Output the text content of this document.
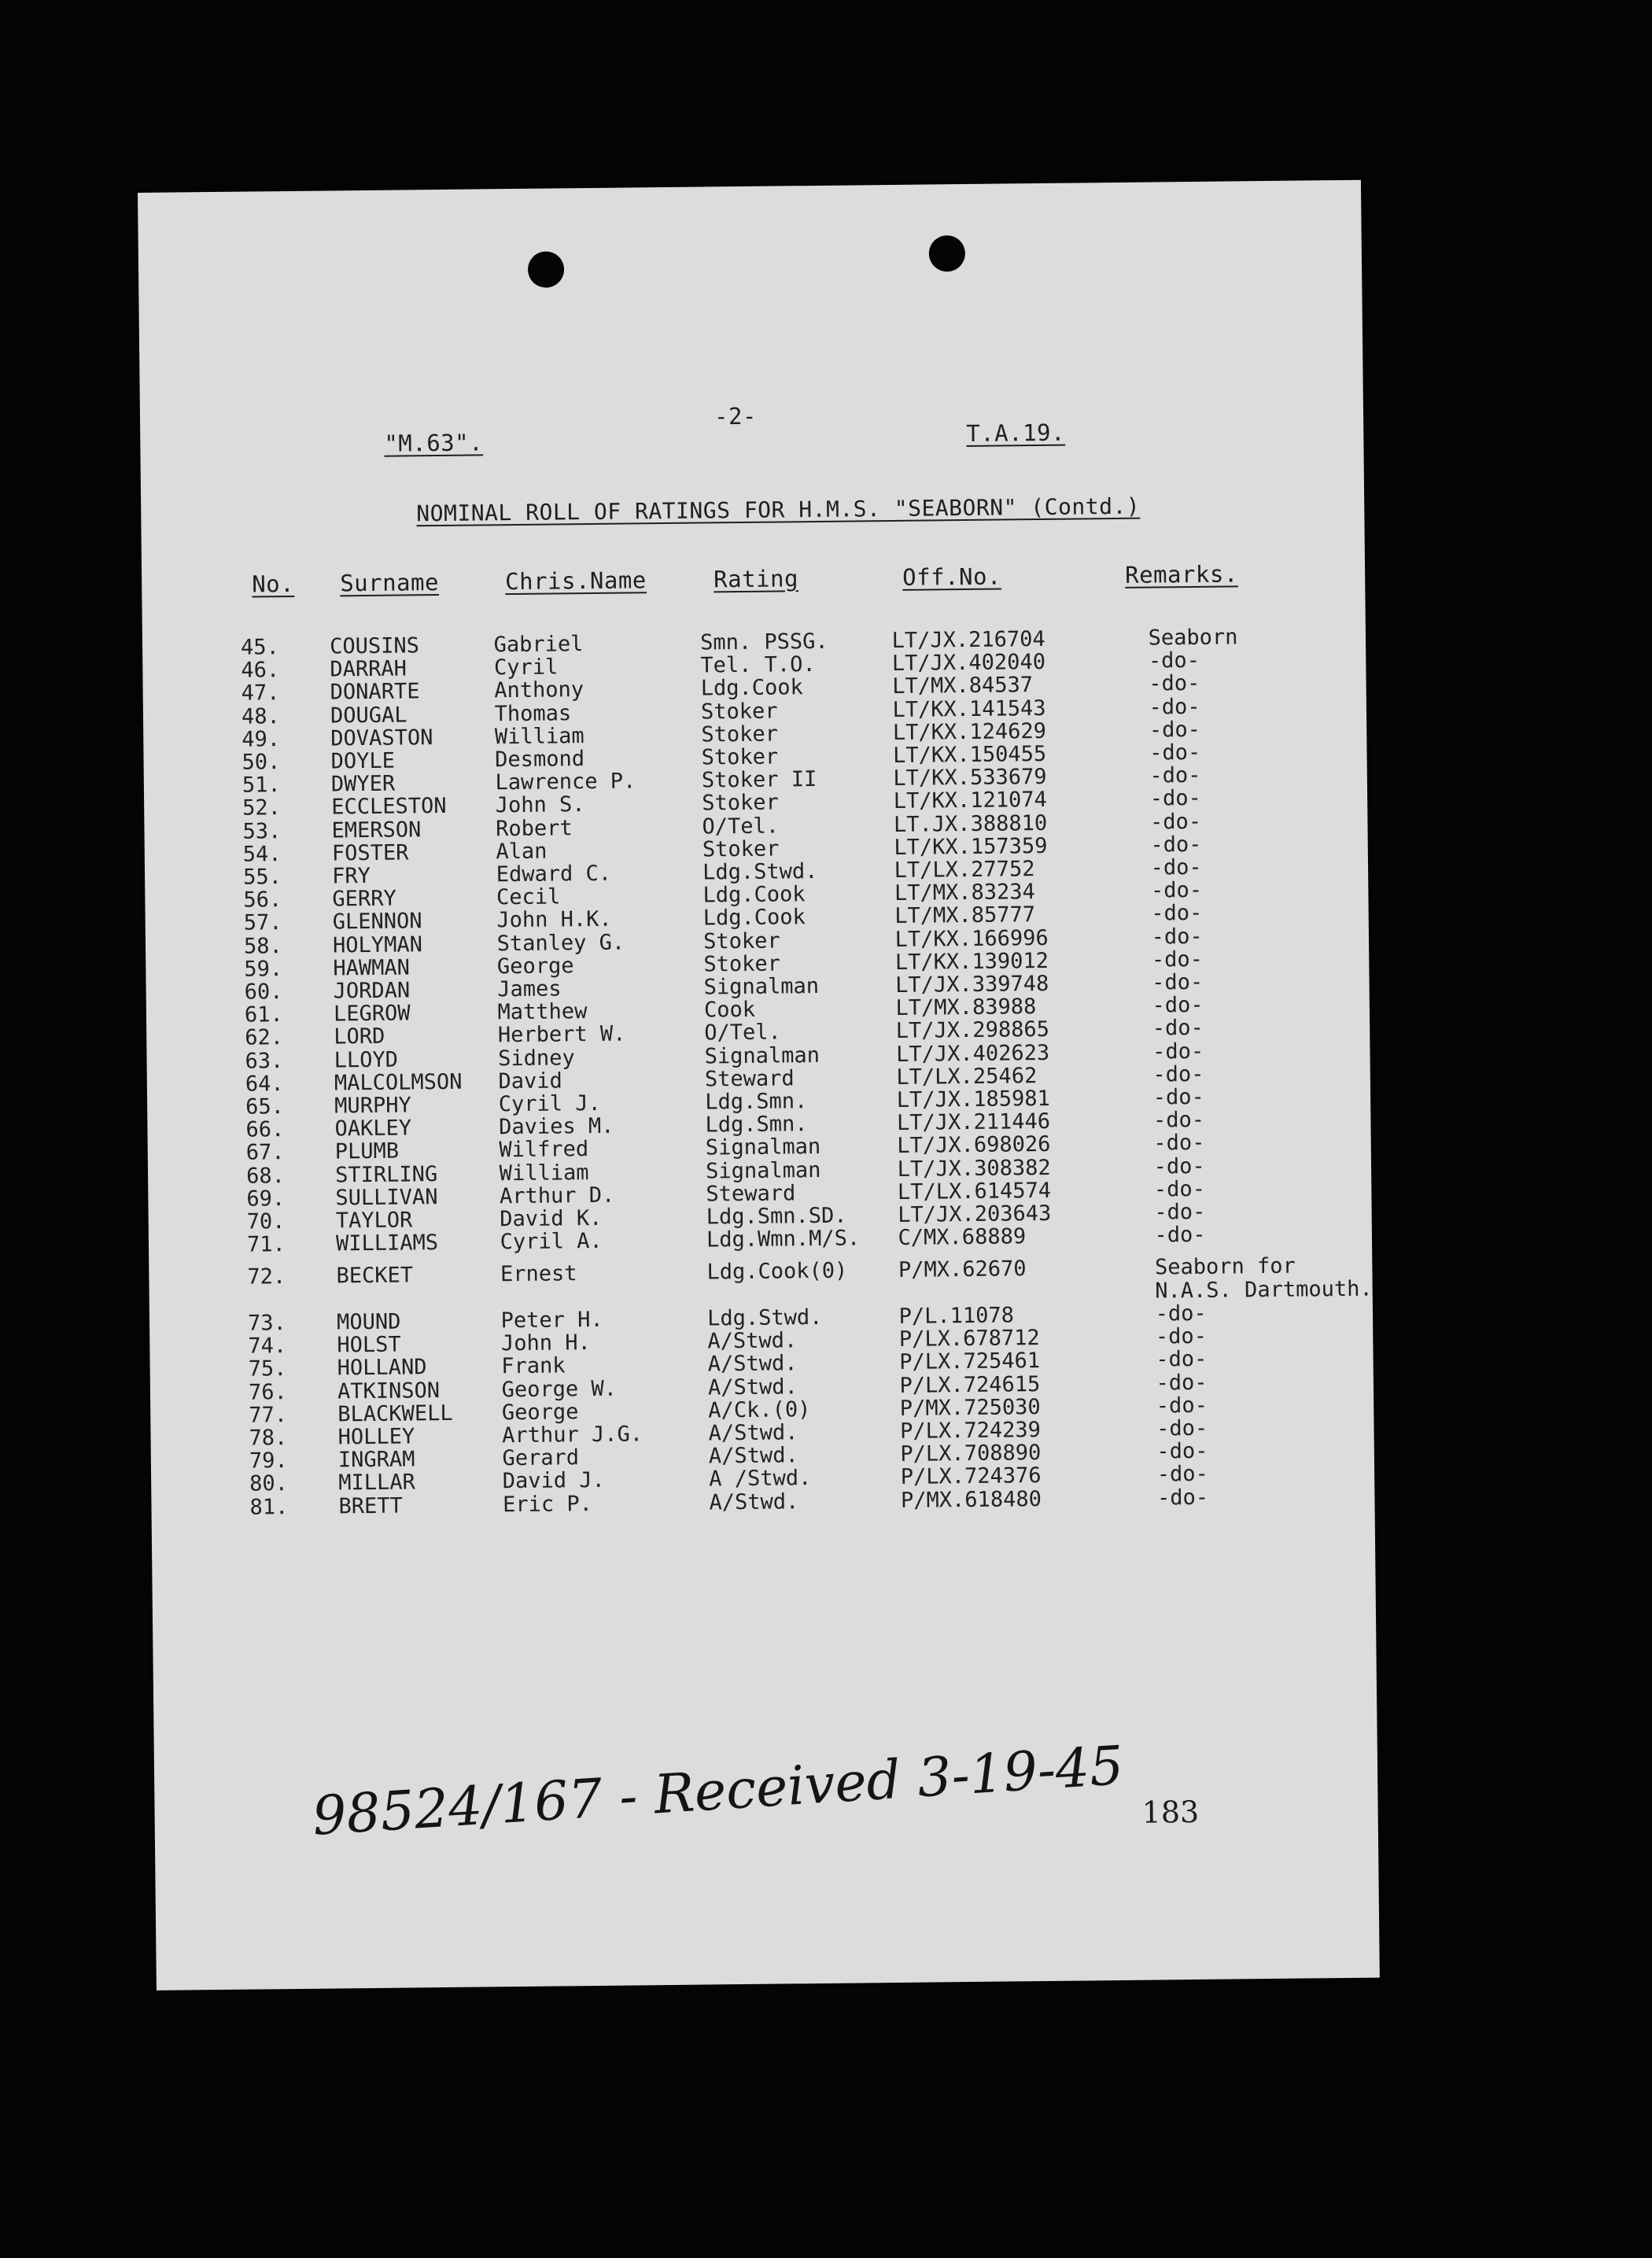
"M.63".
-2-
T.A.19.
NOMINAL ROLL OF RATINGS FOR H.M.S. "SEABORN" (Contd.)
No. Surname	Chris.Name	Rating	Off.No.	Remarks.
45.	COUSINS	Gabriel	Smn. PSSG.	LT/JX.216704	Seaborn
46.	DARRAH	Cyril	Tel. T.O.	LT/JX.402040	-do-
47.	DONARTE	Anthony	Ldg.Cook	LT/MX.84537	-do-
48.	DOUGAL	Thomas	Stoker	LT/KX.141543	-do-
49.	DOVASTON	William	Stoker	LT/KX.124629	-do-
50.	DOYLE	Desmond	Stoker	LT/KX.150455	-do-
51.	DWYER	Lawrence P.	Stoker II	LT/KX.533679	-do-
52.	ECCLESTON	John S.	Stoker	LT/KX.121074	-do-
53.	EMERSON	Robert	O/Tel.	LT.JX.388810	-do-
54.	FOSTER	Alan	Stoker	LT/KX.157359	-do-
55.	FRY	Edward C.	Ldg.Stwd.	LT/LX.27752	-do-
56.	GERRY	Cecil	Ldg.Cook	LT/MX.83234	-do-
57.	GLENNON	John H.K.	Ldg.Cook	LT/MX.85777	-do-
58.	HOLYMAN	Stanley G.	Stoker	LT/KX.166996	-do-
59.	HAWMAN	George	Stoker	LT/KX.139012	-do-
60.	JORDAN	James	Signalman	LT/JX.339748	-do-
61.	LEGROW	Matthew	Cook	LT/MX.83988	-do-
62.	LORD	Herbert W.	O/Tel.	LT/JX.298865	-do-
63.	LLOYD	Sidney	Signalman	LT/JX.402623	-do-
64.	MALCOLMSON	David	Steward	LT/LX.25462	-do-
65.	MURPHY	Cyril J.	Ldg.Smn.	LT/JX.185981	-do-
66.	OAKLEY	Davies M.	Ldg.Smn.	LT/JX.211446	-do-
67.	PLUMB	Wilfred	Signalman	LT/JX.698026	-do-
68.	STIRLING	William	Signalman	LT/JX.308382	-do-
69.	SULLIVAN	Arthur D.	Steward	LT/LX.614574	-do-
70.	TAYLOR	David K.	Ldg.Smn.SD.	LT/JX.203643	-do-
71.	WILLIAMS	Cyril A.	Ldg.Wmn.M/S.	C/MX.68889	-do-

72.	BECKET	Ernest	Ldg.Cook(0)	P/MX.62670	Seaborn for
					N.A.S. Dartmouth.
73.	MOUND	Peter H.	Ldg.Stwd.	P/L.11078	-do-
74.	HOLST	John H.	A/Stwd.	P/LX.678712	-do-
75.	HOLLAND	Frank	A/Stwd.	P/LX.725461	-do-
76.	ATKINSON	George W.	A/Stwd.	P/LX.724615	-do-
77.	BLACKWELL	George	A/Ck.(0)	P/MX.725030	-do-
78.	HOLLEY	Arthur J.G.	A/Stwd.	P/LX.724239	-do-
79.	INGRAM	Gerard	A/Stwd.	P/LX.708890	-do-
80.	MILLAR	David J.	A /Stwd.	P/LX.724376	-do-
81.	BRETT	Eric P.	A/Stwd.	P/MX.618480	-do-
98524/167 - Received 3-19-45 183
